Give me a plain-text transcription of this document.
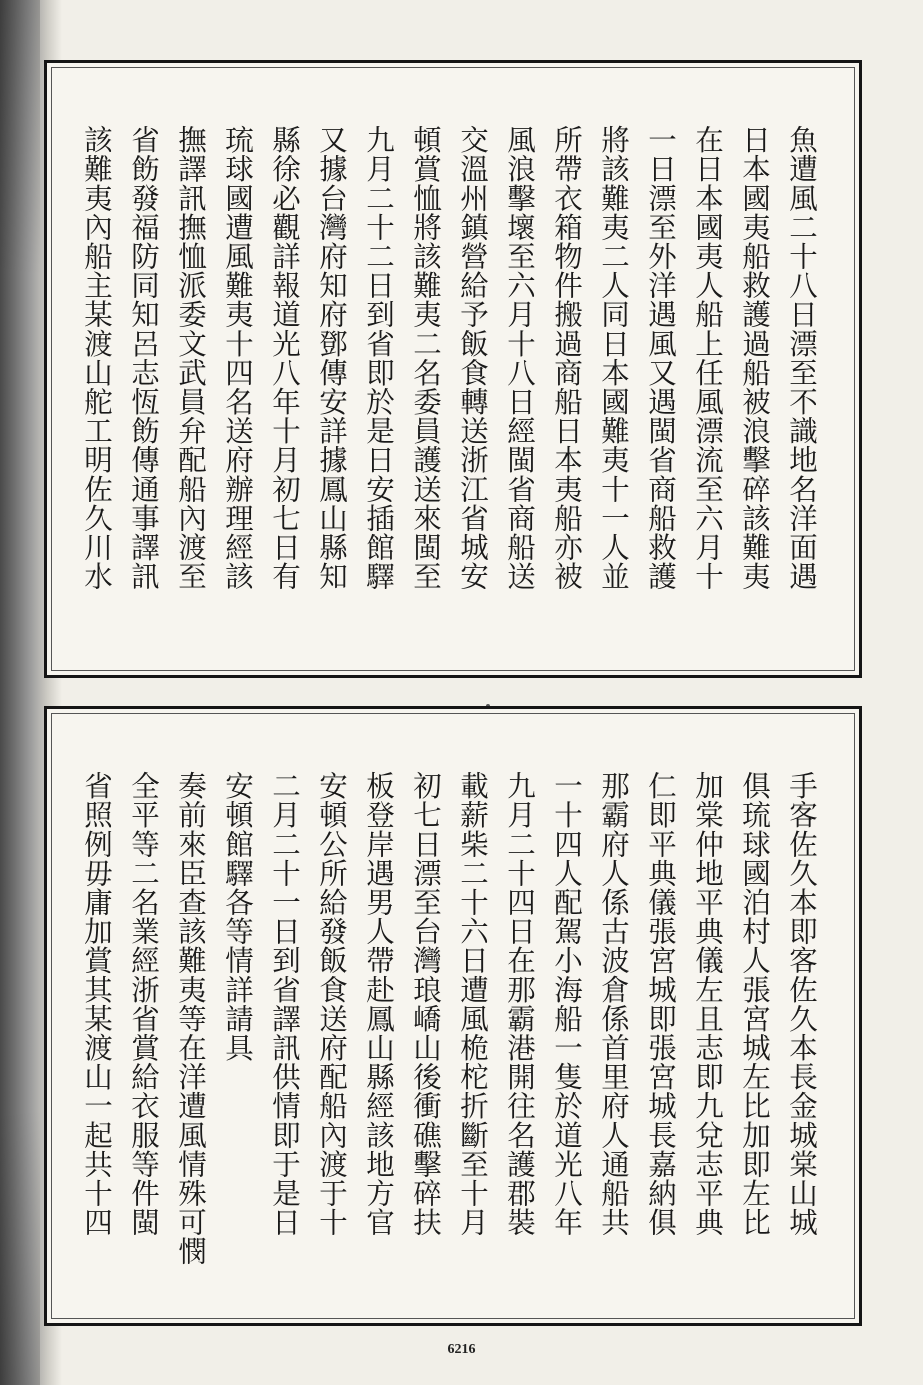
魚遭風二十八日漂至不識地名洋面遇
日本國夷船救護過船被浪擊碎該難夷
在日本國夷人船上任風漂流至六月十
一日漂至外洋遇風又遇閩省商船救護
將該難夷二人同日本國難夷十一人並
所帶衣箱物件搬過商船日本夷船亦被
風浪擊壞至六月十八日經閩省商船送
交溫州鎮營給予飯食轉送浙江省城安
頓賞恤將該難夷二名委員護送來閩至
九月二十二日到省即於是日安插館驛
又據台灣府知府鄧傳安詳據鳳山縣知
縣徐必觀詳報道光八年十月初七日有
琉球國遭風難夷十四名送府辦理經該
撫譯訊撫恤派委文武員弁配船內渡至
省飭發福防同知呂志恆飭傳通事譯訊
該難夷內船主某渡山舵工明佐久川水
手客佐久本即客佐久本長金城棠山城
俱琉球國泊村人張宮城左比加即左比
加棠仲地平典儀左且志即九兌志平典
仁即平典儀張宮城即張宮城長嘉納俱
那霸府人係古波倉係首里府人通船共
一十四人配駕小海船一隻於道光八年
九月二十四日在那霸港開往名護郡裝
載薪柴二十六日遭風桅柁折斷至十月
初七日漂至台灣琅嶠山後衝礁擊碎扶
板登岸遇男人帶赴鳳山縣經該地方官
安頓公所給發飯食送府配船內渡于十
二月二十一日到省譯訊供情即于是日
安頓館驛各等情詳請具
奏前來臣查該難夷等在洋遭風情殊可憫
全平等二名業經浙省賞給衣服等件閩
省照例毋庸加賞其某渡山一起共十四
6216
